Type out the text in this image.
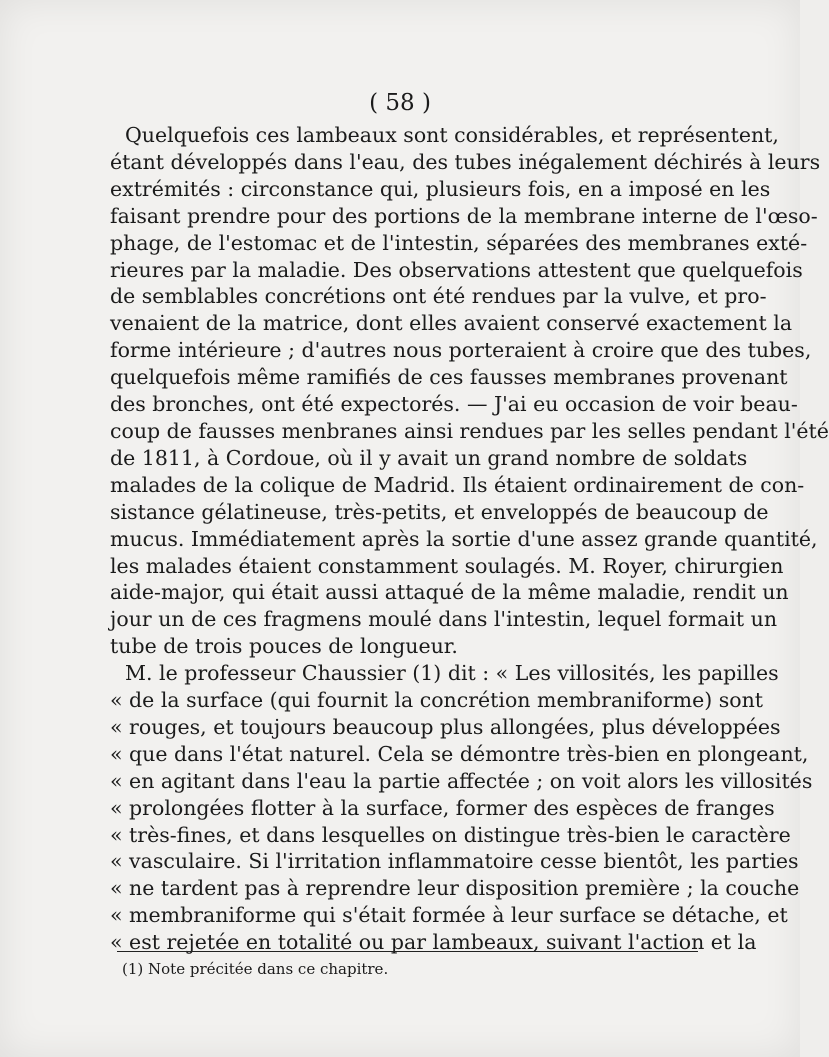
( 58 )
Quelquefois ces lambeaux sont considérables, et représentent,
étant développés dans l'eau, des tubes inégalement déchirés à leurs
extrémités : circonstance qui, plusieurs fois, en a imposé en les
faisant prendre pour des portions de la membrane interne de l'œso-
phage, de l'estomac et de l'intestin, séparées des membranes exté-
rieures par la maladie. Des observations attestent que quelquefois
de semblables concrétions ont été rendues par la vulve, et pro-
venaient de la matrice, dont elles avaient conservé exactement la
forme intérieure ; d'autres nous porteraient à croire que des tubes,
quelquefois même ramifiés de ces fausses membranes provenant
des bronches, ont été expectorés. — J'ai eu occasion de voir beau-
coup de fausses menbranes ainsi rendues par les selles pendant l'été
de 1811, à Cordoue, où il y avait un grand nombre de soldats
malades de la colique de Madrid. Ils étaient ordinairement de con-
sistance gélatineuse, très-petits, et enveloppés de beaucoup de
mucus. Immédiatement après la sortie d'une assez grande quantité,
les malades étaient constamment soulagés. M. Royer, chirurgien
aide-major, qui était aussi attaqué de la même maladie, rendit un
jour un de ces fragmens moulé dans l'intestin, lequel formait un
tube de trois pouces de longueur.
M. le professeur Chaussier (1) dit : « Les villosités, les papilles
« de la surface (qui fournit la concrétion membraniforme) sont
« rouges, et toujours beaucoup plus allongées, plus développées
« que dans l'état naturel. Cela se démontre très-bien en plongeant,
« en agitant dans l'eau la partie affectée ; on voit alors les villosités
« prolongées flotter à la surface, former des espèces de franges
« très-fines, et dans lesquelles on distingue très-bien le caractère
« vasculaire. Si l'irritation inflammatoire cesse bientôt, les parties
« ne tardent pas à reprendre leur disposition première ; la couche
« membraniforme qui s'était formée à leur surface se détache, et
« est rejetée en totalité ou par lambeaux, suivant l'action et la
(1) Note précitée dans ce chapitre.
